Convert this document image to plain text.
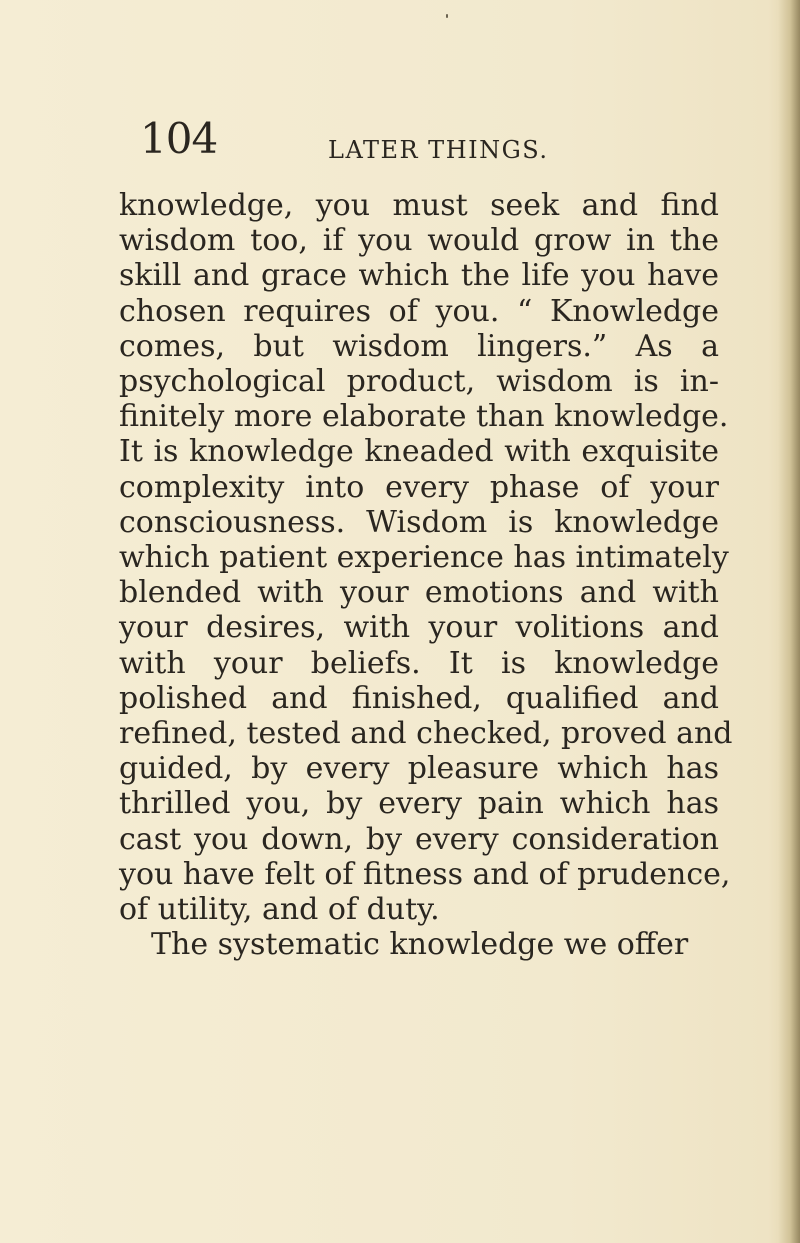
104	LATER THINGS.
knowledge, you must seek and find
wisdom too, if you would grow in the
skill and grace which the life you have
chosen requires of you. “ Knowledge
comes, but wisdom lingers.” As a
psychological product, wisdom is in-
finitely more elaborate than knowledge.
It is knowledge kneaded with exquisite
complexity into every phase of your
consciousness. Wisdom is knowledge
which patient experience has intimately
blended with your emotions and with
your desires, with your volitions and
with your beliefs. It is knowledge
polished and finished, qualified and
refined, tested and checked, proved and
guided, by every pleasure which has
thrilled you, by every pain which has
cast you down, by every consideration
you have felt of fitness and of prudence,
of utility, and of duty.
The systematic knowledge we offer
